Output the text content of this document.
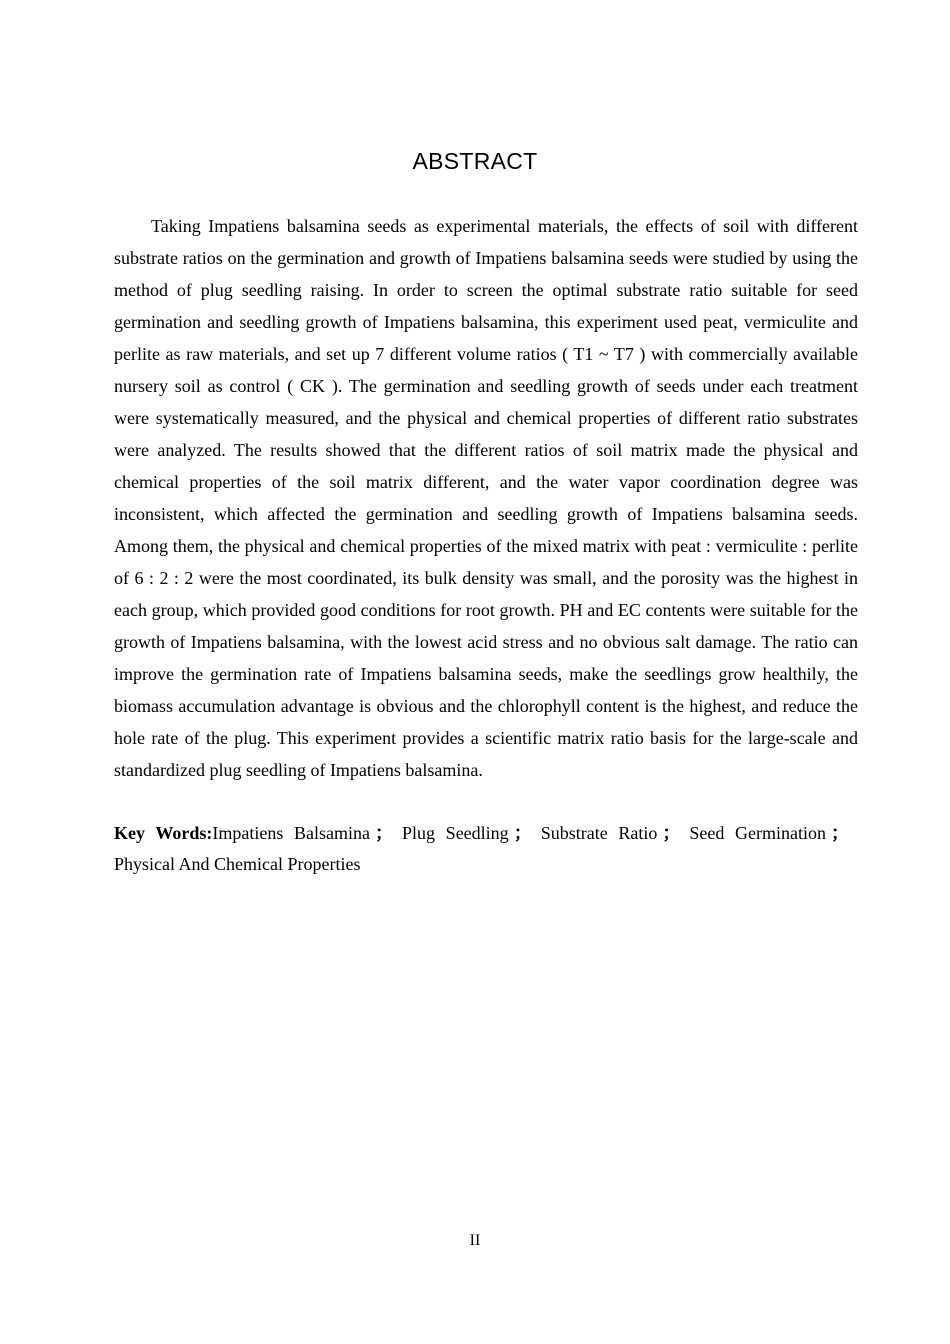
ABSTRACT

Taking Impatiens balsamina seeds as experimental materials, the effects of soil with different substrate ratios on the germination and growth of Impatiens balsamina seeds were studied by using the method of plug seedling raising. In order to screen the optimal substrate ratio suitable for seed germination and seedling growth of Impatiens balsamina, this experiment used peat, vermiculite and perlite as raw materials, and set up 7 different volume ratios ( T1 ~ T7 ) with commercially available nursery soil as control ( CK ). The germination and seedling growth of seeds under each treatment were systematically measured, and the physical and chemical properties of different ratio substrates were analyzed. The results showed that the different ratios of soil matrix made the physical and chemical properties of the soil matrix different, and the water vapor coordination degree was inconsistent, which affected the germination and seedling growth of Impatiens balsamina seeds. Among them, the physical and chemical properties of the mixed matrix with peat : vermiculite : perlite of 6 : 2 : 2 were the most coordinated, its bulk density was small, and the porosity was the highest in each group, which provided good conditions for root growth. PH and EC contents were suitable for the growth of Impatiens balsamina, with the lowest acid stress and no obvious salt damage. The ratio can improve the germination rate of Impatiens balsamina seeds, make the seedlings grow healthily, the biomass accumulation advantage is obvious and the chlorophyll content is the highest, and reduce the hole rate of the plug. This experiment provides a scientific matrix ratio basis for the large-scale and standardized plug seedling of Impatiens balsamina.

Key Words:Impatiens Balsamina ； Plug Seedling ； Substrate Ratio ； Seed Germination ；Physical And Chemical Properties

II
